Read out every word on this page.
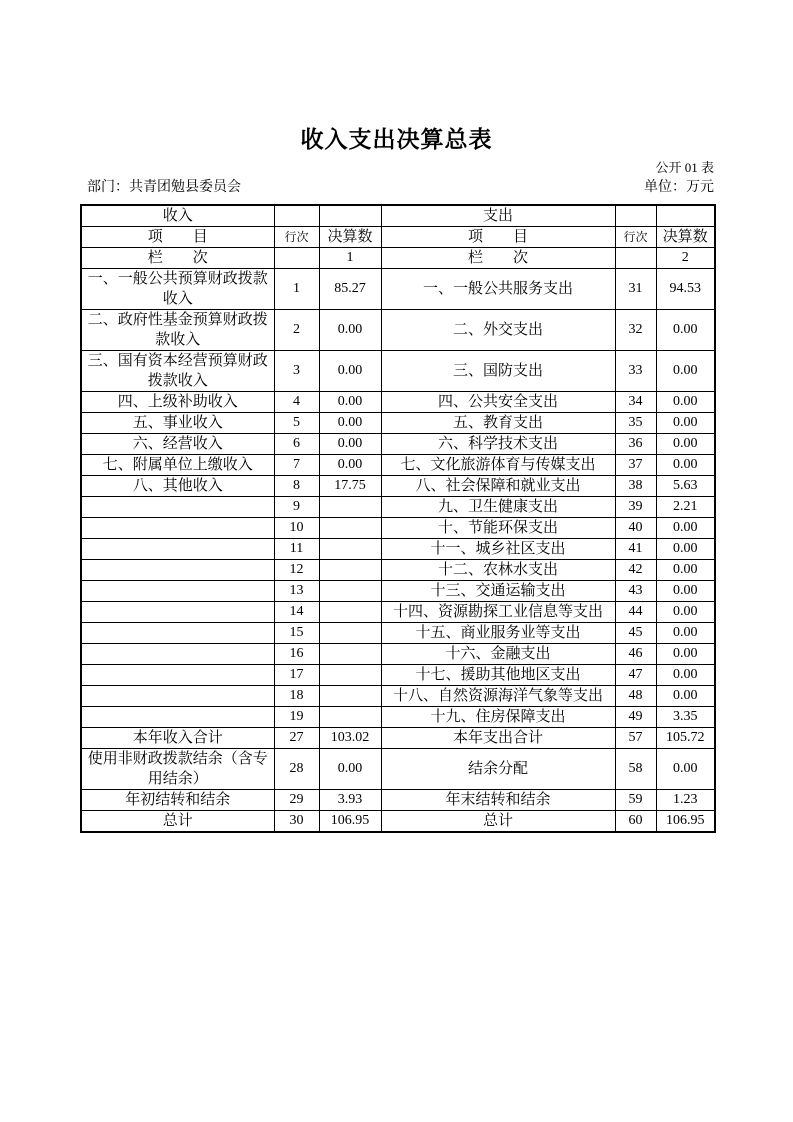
收入支出决算总表
公开 01 表
部门：共青团勉县委员会	单位：万元
收入			支出		
项　　目	行次	决算数	项　　目	行次	决算数
栏　　次		1	栏　　次		2
一、一般公共预算财政拨款收入	1	85.27	一、一般公共服务支出	31	94.53
二、政府性基金预算财政拨款收入	2	0.00	二、外交支出	32	0.00
三、国有资本经营预算财政拨款收入	3	0.00	三、国防支出	33	0.00
四、上级补助收入	4	0.00	四、公共安全支出	34	0.00
五、事业收入	5	0.00	五、教育支出	35	0.00
六、经营收入	6	0.00	六、科学技术支出	36	0.00
七、附属单位上缴收入	7	0.00	七、文化旅游体育与传媒支出	37	0.00
八、其他收入	8	17.75	八、社会保障和就业支出	38	5.63
	9		九、卫生健康支出	39	2.21
	10		十、节能环保支出	40	0.00
	11		十一、城乡社区支出	41	0.00
	12		十二、农林水支出	42	0.00
	13		十三、交通运输支出	43	0.00
	14		十四、资源勘探工业信息等支出	44	0.00
	15		十五、商业服务业等支出	45	0.00
	16		十六、金融支出	46	0.00
	17		十七、援助其他地区支出	47	0.00
	18		十八、自然资源海洋气象等支出	48	0.00
	19		十九、住房保障支出	49	3.35
本年收入合计	27	103.02	本年支出合计	57	105.72
使用非财政拨款结余（含专用结余）	28	0.00	结余分配	58	0.00
年初结转和结余	29	3.93	年末结转和结余	59	1.23
总计	30	106.95	总计	60	106.95
